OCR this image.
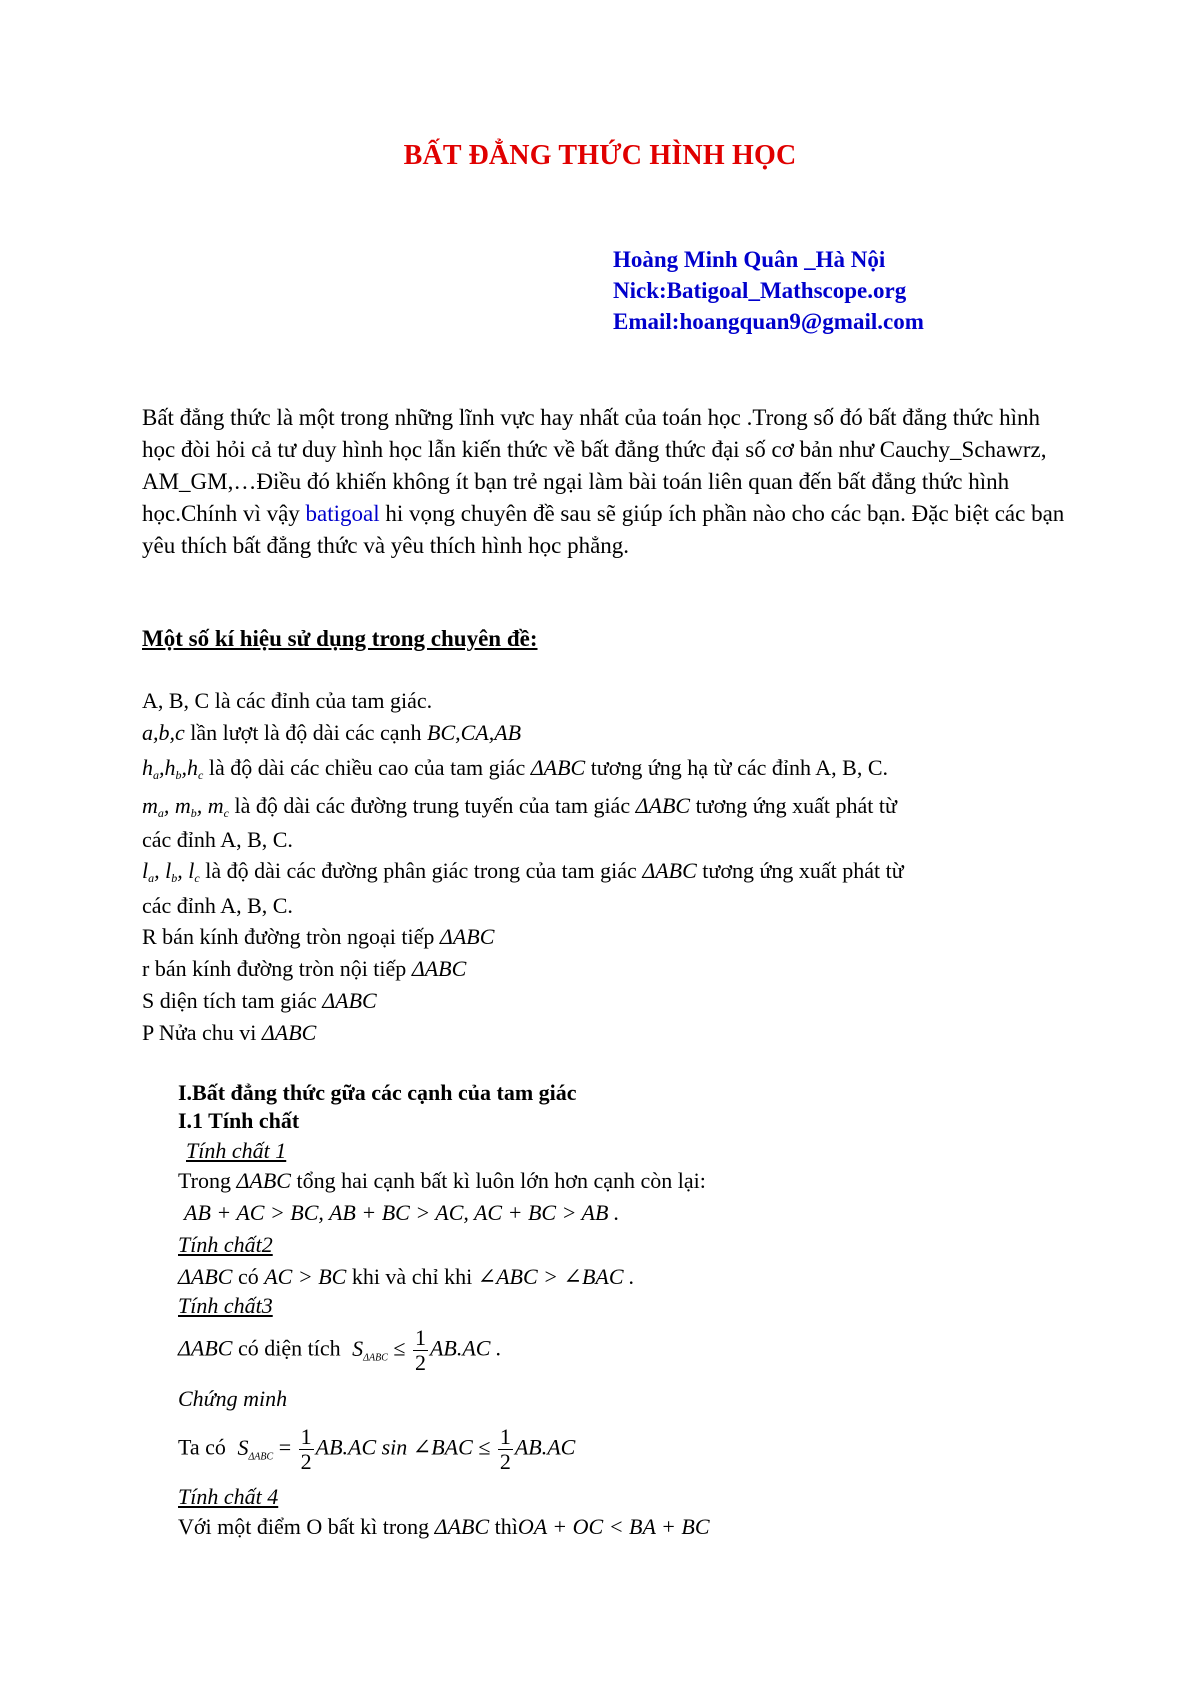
BẤT ĐẲNG THỨC HÌNH HỌC
Hoàng Minh Quân _Hà Nội
Nick:Batigoal_Mathscope.org
Email:hoangquan9@gmail.com
Bất đẳng thức là một trong những lĩnh vực hay nhất của toán học .Trong số đó bất đẳng thức hình học đòi hỏi cả tư duy hình học lẫn kiến thức về bất đẳng thức đại số cơ bản như Cauchy_Schawrz, AM_GM,…Điều đó khiến không ít bạn trẻ ngại làm bài toán liên quan đến bất đẳng thức hình học.Chính vì vậy batigoal hi vọng chuyên đề sau sẽ giúp ích phần nào cho các bạn. Đặc biệt các bạn yêu thích bất đẳng thức và yêu thích hình học phẳng.
Một số kí hiệu sử dụng trong chuyên đề:
A, B, C là các đỉnh của tam giác.
a,b,c lần lượt là độ dài các cạnh BC,CA,AB
$h_a,h_b,h_c$ là độ dài các chiều cao của tam giác ΔABC tương ứng hạ từ các đỉnh A, B, C.
$m_a$, $m_b$, $m_c$ là độ dài các đường trung tuyến của tam giác ΔABC tương ứng xuất phát từ
các đỉnh A, B, C.
$l_a$, $l_b$, $l_c$ là độ dài các đường phân giác trong của tam giác ΔABC tương ứng xuất phát từ
các đỉnh A, B, C.
R bán kính đường tròn ngoại tiếp ΔABC
r bán kính đường tròn nội tiếp ΔABC
S diện tích tam giác ΔABC
P Nửa chu vi ΔABC
I.Bất đẳng thức gữa các cạnh của tam giác
I.1 Tính chất
Tính chất 1
Trong ΔABC tổng hai cạnh bất kì luôn lớn hơn cạnh còn lại:
AB + AC > BC, AB + BC > AC, AC + BC > AB .
Tính chất2
ΔABC có AC > BC khi và chỉ khi ∠ABC > ∠BAC .
Tính chất3
ΔABC có diện tích $S_{\Delta ABC} \le \frac{1}{2} AB.AC$ .
Chứng minh
Ta có $S_{\Delta ABC} = \frac{1}{2} AB.AC$ sin ∠BAC ≤ $\frac{1}{2} AB.AC$
Tính chất 4
Với một điểm O bất kì trong ΔABC thìOA + OC < BA + BC
